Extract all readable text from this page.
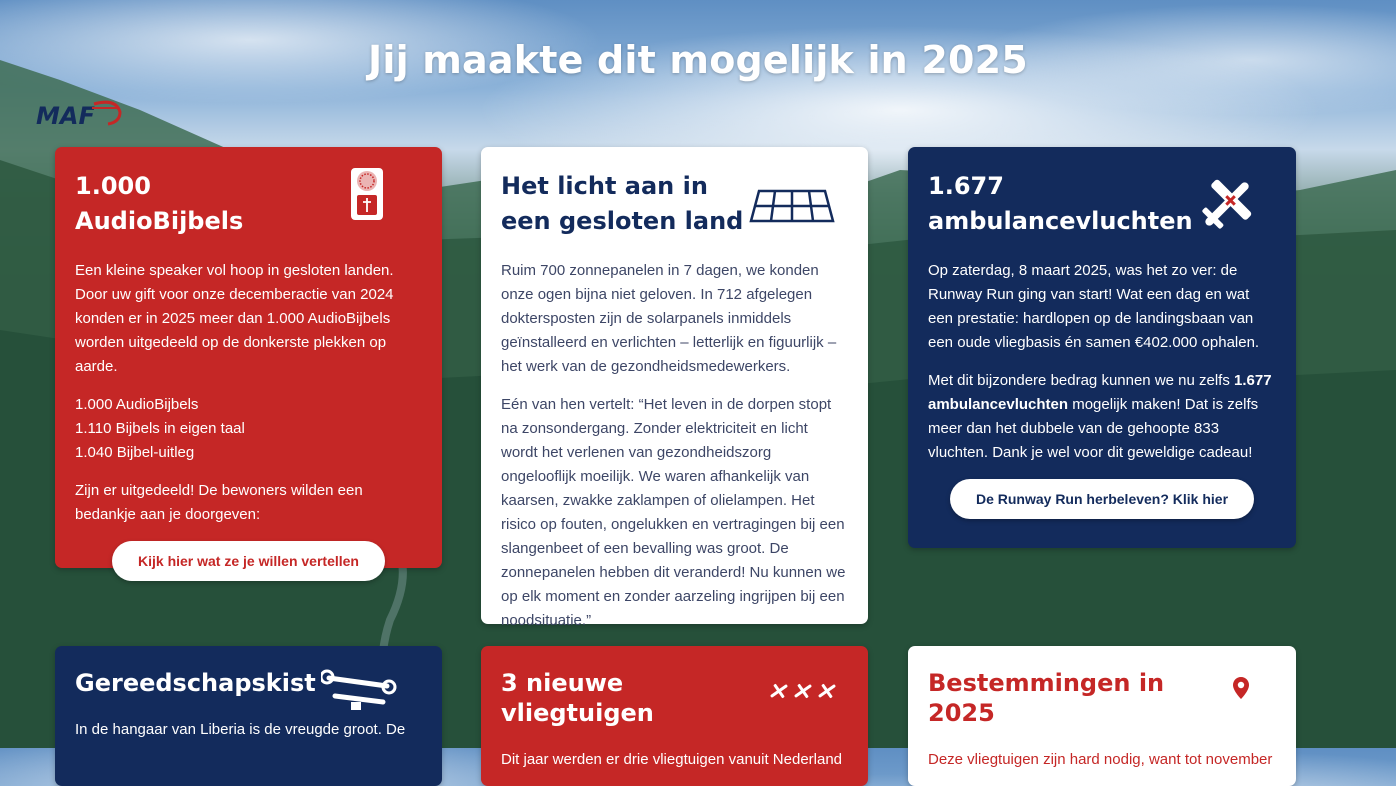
Jij maakte dit mogelijk in 2025
MAF
1.000 AudioBijbels

Een kleine speaker vol hoop in gesloten landen. Door uw gift voor onze decemberactie van 2024 konden er in 2025 meer dan 1.000 AudioBijbels worden uitgedeeld op de donkerste plekken op aarde.

1.000 AudioBijbels
1.110 Bijbels in eigen taal
1.040 Bijbel-uitleg

Zijn er uitgedeeld! De bewoners wilden een bedankje aan je doorgeven:

Kijk hier wat ze je willen vertellen
Het licht aan in een gesloten land

Ruim 700 zonnepanelen in 7 dagen, we konden onze ogen bijna niet geloven. In 712 afgelegen doktersposten zijn de solarpanels inmiddels geïnstalleerd en verlichten – letterlijk en figuurlijk – het werk van de gezondheidsmedewerkers.

Eén van hen vertelt: “Het leven in de dorpen stopt na zonsondergang. Zonder elektriciteit en licht wordt het verlenen van gezondheidszorg ongelooflijk moeilijk. We waren afhankelijk van kaarsen, zwakke zaklampen of olielampen. Het risico op fouten, ongelukken en vertragingen bij een slangenbeet of een bevalling was groot. De zonnepanelen hebben dit veranderd! Nu kunnen we op elk moment en zonder aarzeling ingrijpen bij een noodsituatie.”

1.677 ambulancevluchten

Op zaterdag, 8 maart 2025, was het zo ver: de Runway Run ging van start! Wat een dag en wat een prestatie: hardlopen op de landingsbaan van een oude vliegbasis én samen €402.000 ophalen.

Met dit bijzondere bedrag kunnen we nu zelfs 1.677 ambulancevluchten mogelijk maken! Dat is zelfs meer dan het dubbele van de gehoopte 833 vluchten. Dank je wel voor dit geweldige cadeau!

De Runway Run herbeleven? Klik hier
Gereedschapskist

In de hangaar van Liberia is de vreugde groot. De

3 nieuwe vliegtuigen

Dit jaar werden er drie vliegtuigen vanuit Nederland

Bestemmingen in 2025

Deze vliegtuigen zijn hard nodig, want tot november
